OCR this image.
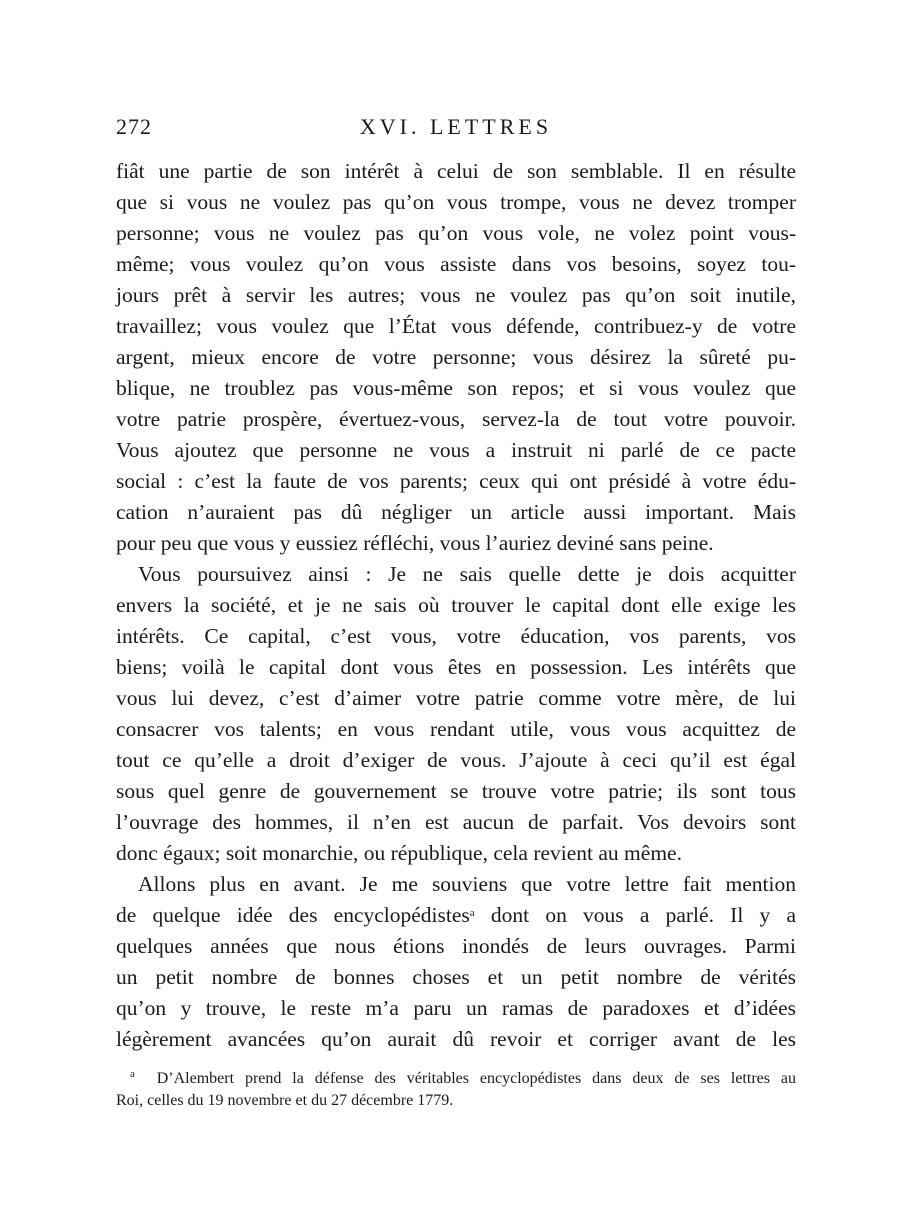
272	XVI. LETTRES
fiât une partie de son intérêt à celui de son semblable. Il en résulte
que si vous ne voulez pas qu’on vous trompe, vous ne devez tromper
personne; vous ne voulez pas qu’on vous vole, ne volez point vous-
même; vous voulez qu’on vous assiste dans vos besoins, soyez tou-
jours prêt à servir les autres; vous ne voulez pas qu’on soit inutile,
travaillez; vous voulez que l’État vous défende, contribuez-y de votre
argent, mieux encore de votre personne; vous désirez la sûreté pu-
blique, ne troublez pas vous-même son repos; et si vous voulez que
votre patrie prospère, évertuez-vous, servez-la de tout votre pouvoir.
Vous ajoutez que personne ne vous a instruit ni parlé de ce pacte
social : c’est la faute de vos parents; ceux qui ont présidé à votre édu-
cation n’auraient pas dû négliger un article aussi important. Mais
pour peu que vous y eussiez réfléchi, vous l’auriez deviné sans peine.
Vous poursuivez ainsi : Je ne sais quelle dette je dois acquitter
envers la société, et je ne sais où trouver le capital dont elle exige les
intérêts. Ce capital, c’est vous, votre éducation, vos parents, vos
biens; voilà le capital dont vous êtes en possession. Les intérêts que
vous lui devez, c’est d’aimer votre patrie comme votre mère, de lui
consacrer vos talents; en vous rendant utile, vous vous acquittez de
tout ce qu’elle a droit d’exiger de vous. J’ajoute à ceci qu’il est égal
sous quel genre de gouvernement se trouve votre patrie; ils sont tous
l’ouvrage des hommes, il n’en est aucun de parfait. Vos devoirs sont
donc égaux; soit monarchie, ou république, cela revient au même.
Allons plus en avant. Je me souviens que votre lettre fait mention
de quelque idée des encyclopédistes$^a$ dont on vous a parlé. Il y a
quelques années que nous étions inondés de leurs ouvrages. Parmi
un petit nombre de bonnes choses et un petit nombre de vérités
qu’on y trouve, le reste m’a paru un ramas de paradoxes et d’idées
légèrement avancées qu’on aurait dû revoir et corriger avant de les
$^a$ D’Alembert prend la défense des véritables encyclopédistes dans deux de ses lettres au
Roi, celles du 19 novembre et du 27 décembre 1779.
